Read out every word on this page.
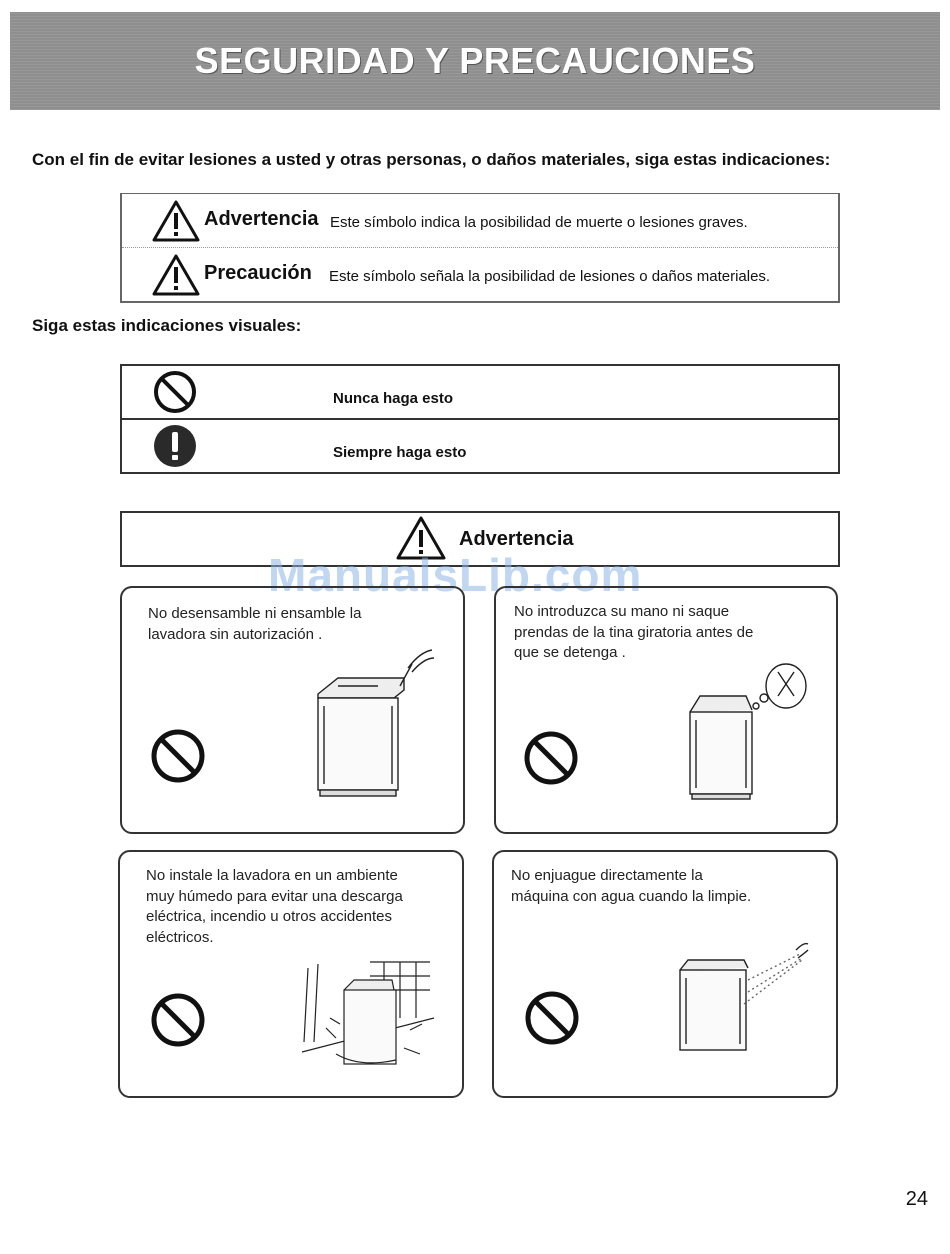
SEGURIDAD Y PRECAUCIONES
Con el fin de evitar lesiones a usted y otras personas, o daños materiales, siga estas indicaciones:
Advertencia Este símbolo indica la posibilidad de muerte o lesiones graves.
Precaución Este símbolo señala la posibilidad de lesiones o daños materiales.
Siga estas indicaciones visuales:
Nunca haga esto
Siempre haga esto
Advertencia
ManualsLib.com
No desensamble ni ensamble la
lavadora sin autorización .
No introduzca su mano ni saque
prendas de la tina giratoria antes de
que se detenga .
No instale la lavadora en un ambiente
muy húmedo para evitar una descarga
eléctrica, incendio u otros accidentes
eléctricos.
No enjuague directamente la
máquina con agua cuando la limpie.
24
